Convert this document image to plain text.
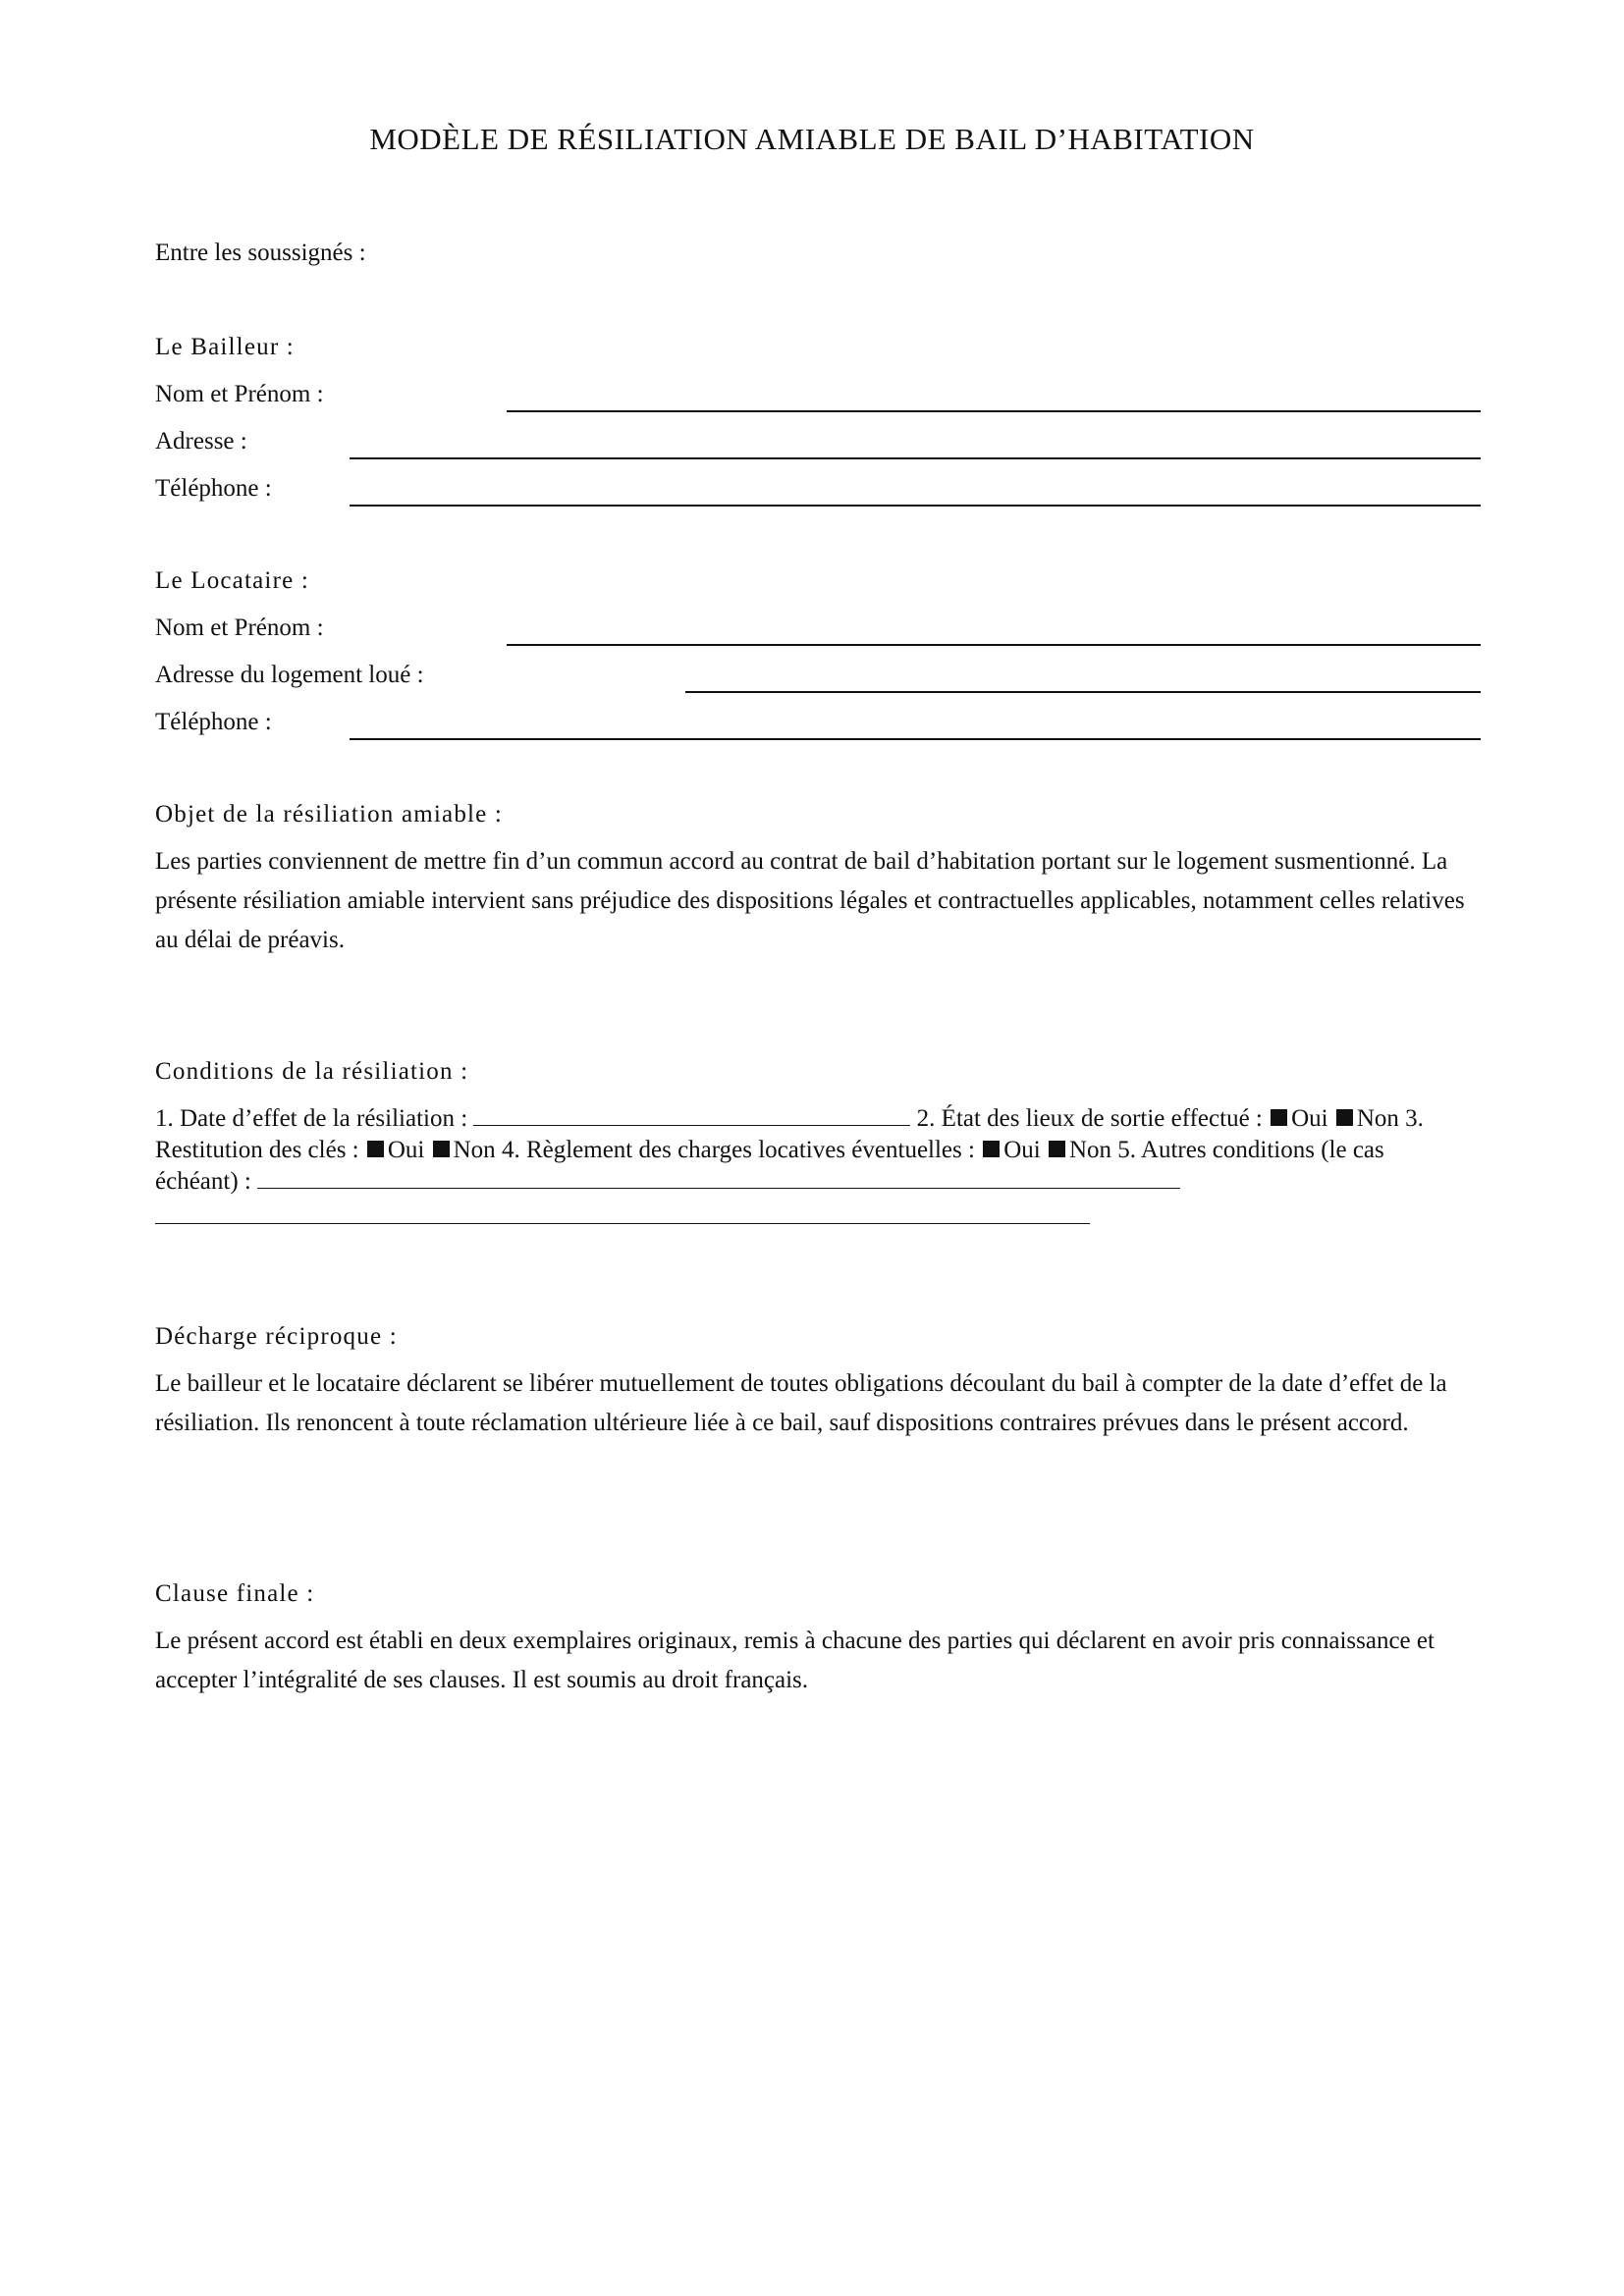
MODÈLE DE RÉSILIATION AMIABLE DE BAIL D’HABITATION
Entre les soussignés :
Le Bailleur :
Nom et Prénom :
Adresse :
Téléphone :
Le Locataire :
Nom et Prénom :
Adresse du logement loué :
Téléphone :
Objet de la résiliation amiable :
Les parties conviennent de mettre fin d’un commun accord au contrat de bail d’habitation portant sur le logement susmentionné. La présente résiliation amiable intervient sans préjudice des dispositions légales et contractuelles applicables, notamment celles relatives au délai de préavis.
Conditions de la résiliation :
1. Date d’effet de la résiliation :	2. État des lieux de sortie effectué : Oui Non 3. Restitution des clés : Oui Non 4. Règlement des charges locatives éventuelles : Oui Non 5. Autres conditions (le cas échéant) :
Décharge réciproque :
Le bailleur et le locataire déclarent se libérer mutuellement de toutes obligations découlant du bail à compter de la date d’effet de la résiliation. Ils renoncent à toute réclamation ultérieure liée à ce bail, sauf dispositions contraires prévues dans le présent accord.
Clause finale :
Le présent accord est établi en deux exemplaires originaux, remis à chacune des parties qui déclarent en avoir pris connaissance et accepter l’intégralité de ses clauses. Il est soumis au droit français.
